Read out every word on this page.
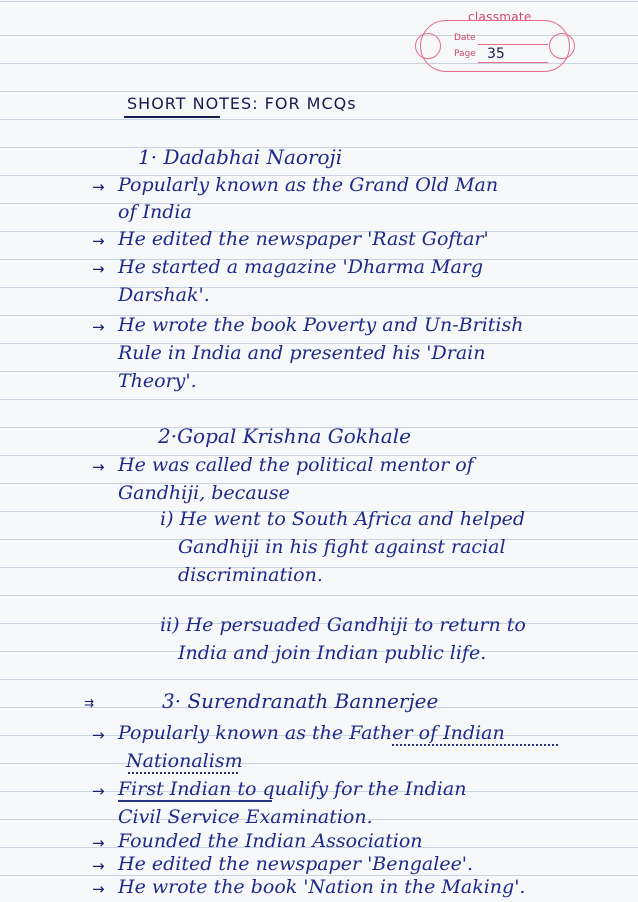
classmate
Date
Page 35
SHORT NOTES: FOR MCQs
1· Dadabhai Naoroji
→ Popularly known as the Grand Old Man
of India
→ He edited the newspaper 'Rast Goftar'
→ He started a magazine 'Dharma Marg
Darshak'.
→ He wrote the book Poverty and Un-British
Rule in India and presented his 'Drain
Theory'.
2·Gopal Krishna Gokhale
→ He was called the political mentor of
Gandhiji, because
i) He went to South Africa and helped
Gandhiji in his fight against racial
discrimination.
ii) He persuaded Gandhiji to return to
India and join Indian public life.
⇉	3· Surendranath Bannerjee
→ Popularly known as the Father of Indian
Nationalism
→ First Indian to qualify for the Indian
Civil Service Examination.
→ Founded the Indian Association
→ He edited the newspaper 'Bengalee'.
→ He wrote the book 'Nation in the Making'.
